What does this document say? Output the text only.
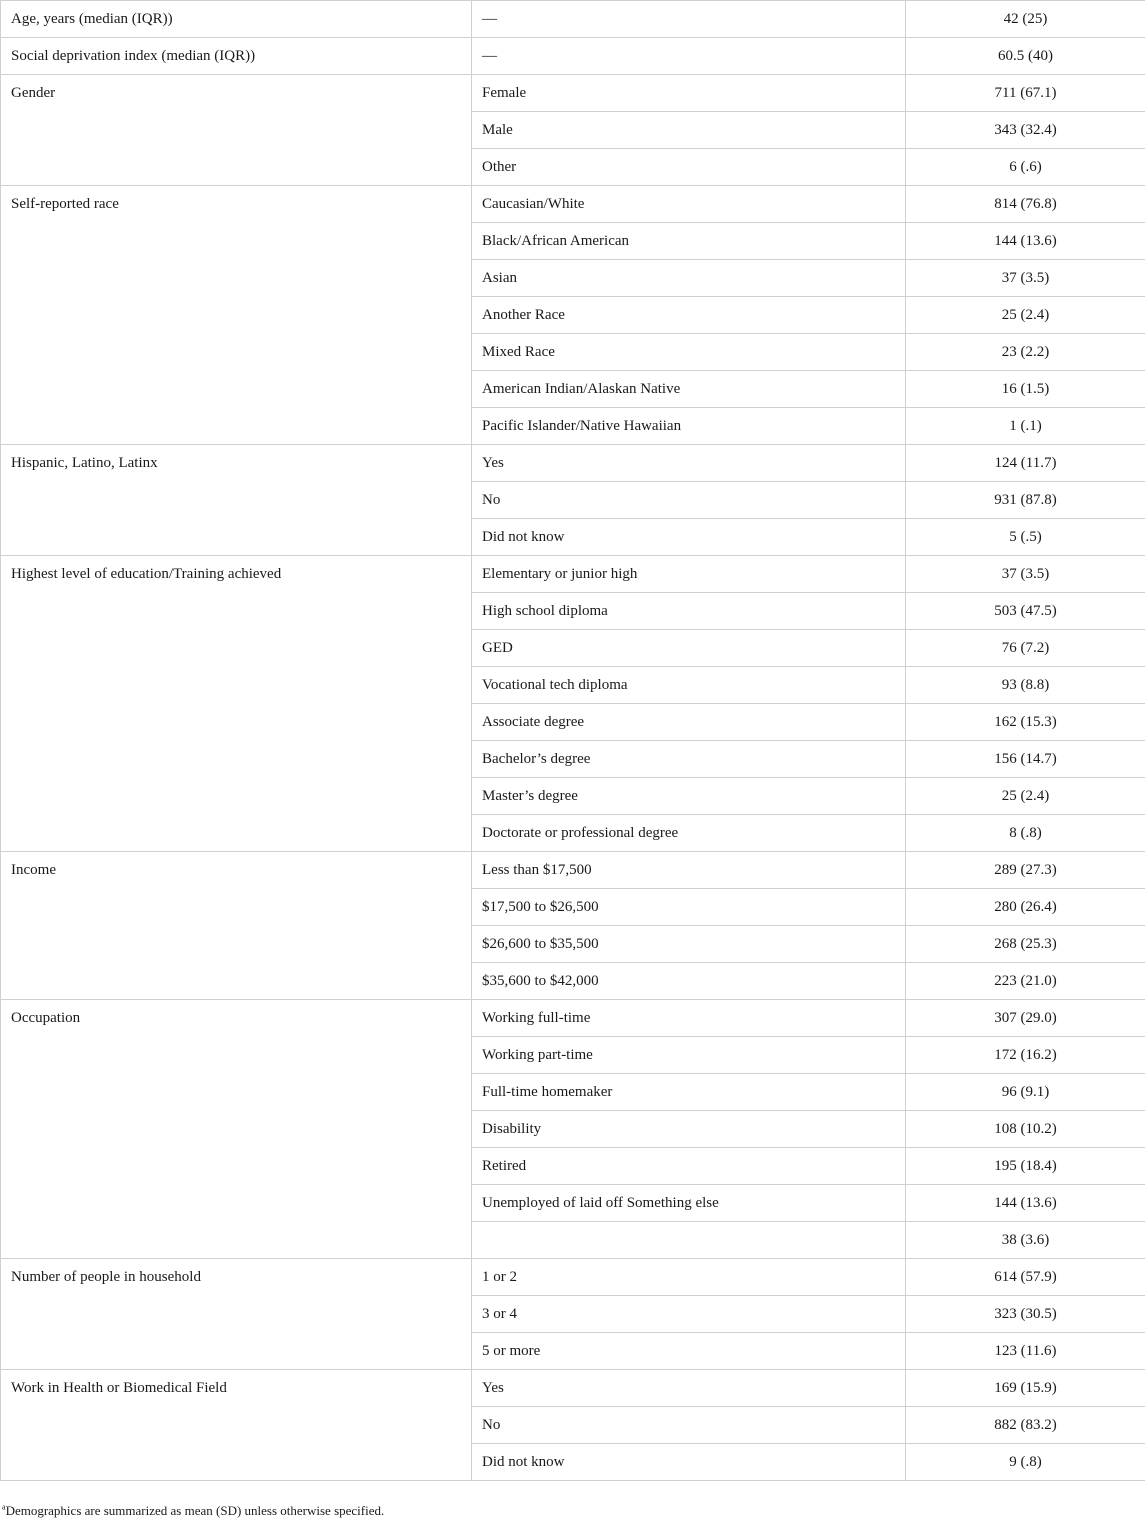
Age, years (median (IQR))	—	42 (25)
Social deprivation index (median (IQR))	—	60.5 (40)
Gender	Female	711 (67.1)
	Male	343 (32.4)
	Other	6 (.6)
Self-reported race	Caucasian/White	814 (76.8)
	Black/African American	144 (13.6)
	Asian	37 (3.5)
	Another Race	25 (2.4)
	Mixed Race	23 (2.2)
	American Indian/Alaskan Native	16 (1.5)
	Pacific Islander/Native Hawaiian	1 (.1)
Hispanic, Latino, Latinx	Yes	124 (11.7)
	No	931 (87.8)
	Did not know	5 (.5)
Highest level of education/Training achieved	Elementary or junior high	37 (3.5)
	High school diploma	503 (47.5)
	GED	76 (7.2)
	Vocational tech diploma	93 (8.8)
	Associate degree	162 (15.3)
	Bachelor’s degree	156 (14.7)
	Master’s degree	25 (2.4)
	Doctorate or professional degree	8 (.8)
Income	Less than $17,500	289 (27.3)
	$17,500 to $26,500	280 (26.4)
	$26,600 to $35,500	268 (25.3)
	$35,600 to $42,000	223 (21.0)
Occupation	Working full-time	307 (29.0)
	Working part-time	172 (16.2)
	Full-time homemaker	96 (9.1)
	Disability	108 (10.2)
	Retired	195 (18.4)
	Unemployed of laid off Something else	144 (13.6)
		38 (3.6)
Number of people in household	1 or 2	614 (57.9)
	3 or 4	323 (30.5)
	5 or more	123 (11.6)
Work in Health or Biomedical Field	Yes	169 (15.9)
	No	882 (83.2)
	Did not know	9 (.8)
$^a$Demographics are summarized as mean (SD) unless otherwise specified.
